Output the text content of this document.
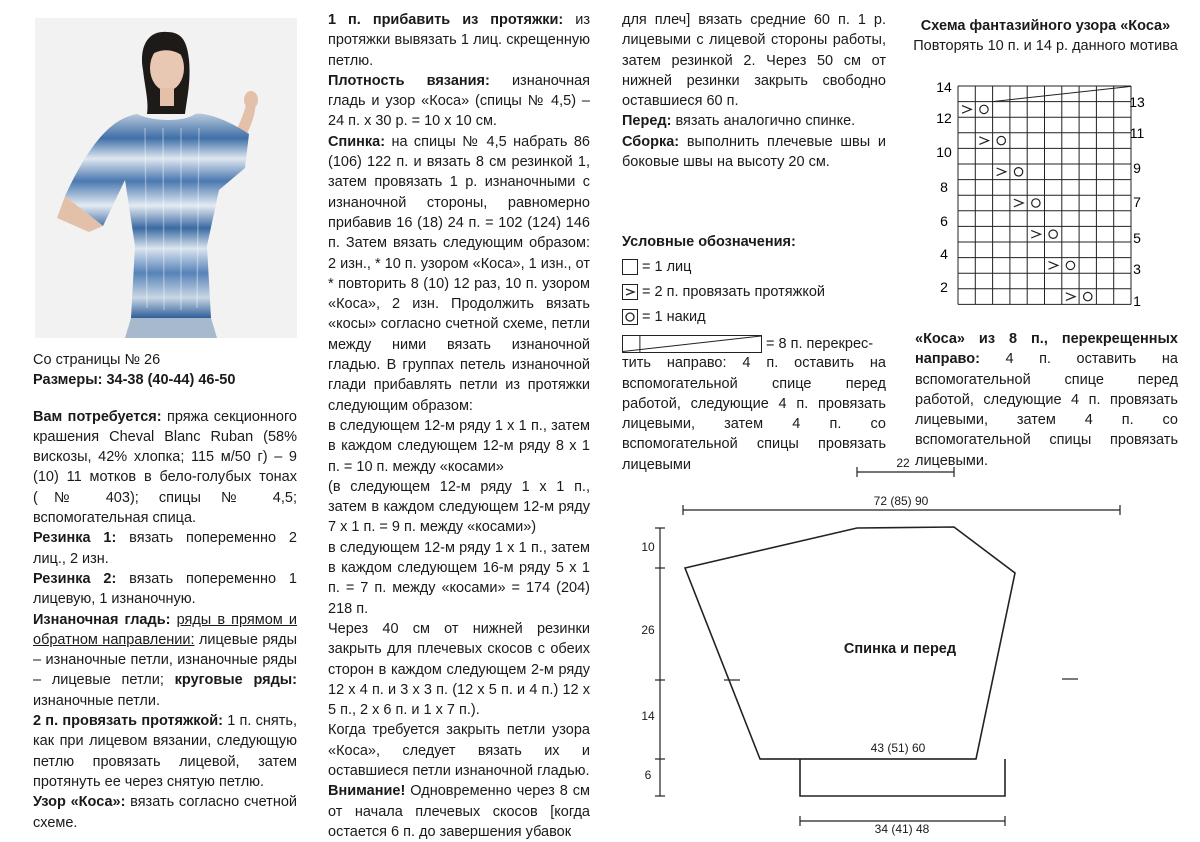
Со страницы № 26

Размеры: 34-38 (40-44) 46-50

Вам потребуется: пряжа секционного крашения Cheval Blanc Ruban (58% вискозы, 42% хлопка; 115 м/50 г) – 9 (10) 11 мотков в бело-голубых тонах (№ 403); спицы № 4,5; вспомогательная спица.

Резинка 1: вязать попеременно 2 лиц., 2 изн.

Резинка 2: вязать попеременно 1 лицевую, 1 изнаночную.

Изнаночная гладь: ряды в прямом и обратном направлении: лицевые ряды – изнаночные петли, изнаночные ряды – лицевые петли; круговые ряды: изнаночные петли.

2 п. провязать протяжкой: 1 п. снять, как при лицевом вязании, следующую петлю провязать лицевой, затем протянуть ее через снятую петлю.

Узор «Коса»: вязать согласно счетной схеме.

1 п. прибавить из протяжки: из протяжки вывязать 1 лиц. скрещенную петлю.

Плотность вязания: изнаночная гладь и узор «Коса» (спицы № 4,5) – 24 п. х 30 р. = 10 х 10 см.

Спинка: на спицы № 4,5 набрать 86 (106) 122 п. и вязать 8 см резинкой 1, затем провязать 1 р. изнаночными с изнаночной стороны, равномерно прибавив 16 (18) 24 п. = 102 (124) 146 п. Затем вязать следующим образом: 2 изн., * 10 п. узором «Коса», 1 изн., от * повторить 8 (10) 12 раз, 10 п. узором «Коса», 2 изн. Продолжить вязать «косы» согласно счетной схеме, петли между ними вязать изнаночной гладью. В группах петель изнаночной глади прибавлять петли из протяжки следующим образом:

в следующем 12-м ряду 1 х 1 п., затем в каждом следующем 12-м ряду 8 х 1 п. = 10 п. между «косами»

(в следующем 12-м ряду 1 х 1 п., затем в каждом следующем 12-м ряду 7 х 1 п. = 9 п. между «косами»)

в следующем 12-м ряду 1 х 1 п., затем в каждом следующем 16-м ряду 5 х 1 п. = 7 п. между «косами» = 174 (204) 218 п.

Через 40 см от нижней резинки закрыть для плечевых скосов с обеих сторон в каждом следующем 2-м ряду 12 х 4 п. и 3 х 3 п. (12 х 5 п. и 4 п.) 12 х 5 п., 2 х 6 п. и 1 х 7 п.).

Когда требуется закрыть петли узора «Коса», следует вязать их и оставшиеся петли изнаночной гладью.

Внимание! Одновременно через 8 см от начала плечевых скосов [когда остается 6 п. до завершения убавок

для плеч] вязать средние 60 п. 1 р. лицевыми с лицевой стороны работы, затем резинкой 2. Через 50 см от нижней резинки закрыть свободно оставшиеся 60 п.

Перед: вязать аналогично спинке.

Сборка: выполнить плечевые швы и боковые швы на высоту 20 см.

Условные обозначения:

= 1 лиц
= 2 п. провязать протяжкой
= 1 накид
= 8 п. перекрес-

тить направо: 4 п. оставить на вспомогательной спице перед работой, следующие 4 п. провязать лицевыми, затем 4 п. со вспомогательной спицы провязать лицевыми

Схема фантазийного узора «Коса»
Повторять 10 п. и 14 р. данного мотива
14
12
10
8
6
4
2
13
11
9
7
5
3
1

«Коса» из 8 п., перекрещенных направо: 4 п. оставить на вспомогательной спице перед работой, следующие 4 п. провязать лицевыми, затем 4 п. со вспомогательной спицы провязать лицевыми.

22
72 (85) 90
10
26
14
6
43 (51) 60
34 (41) 48
Спинка и перед
